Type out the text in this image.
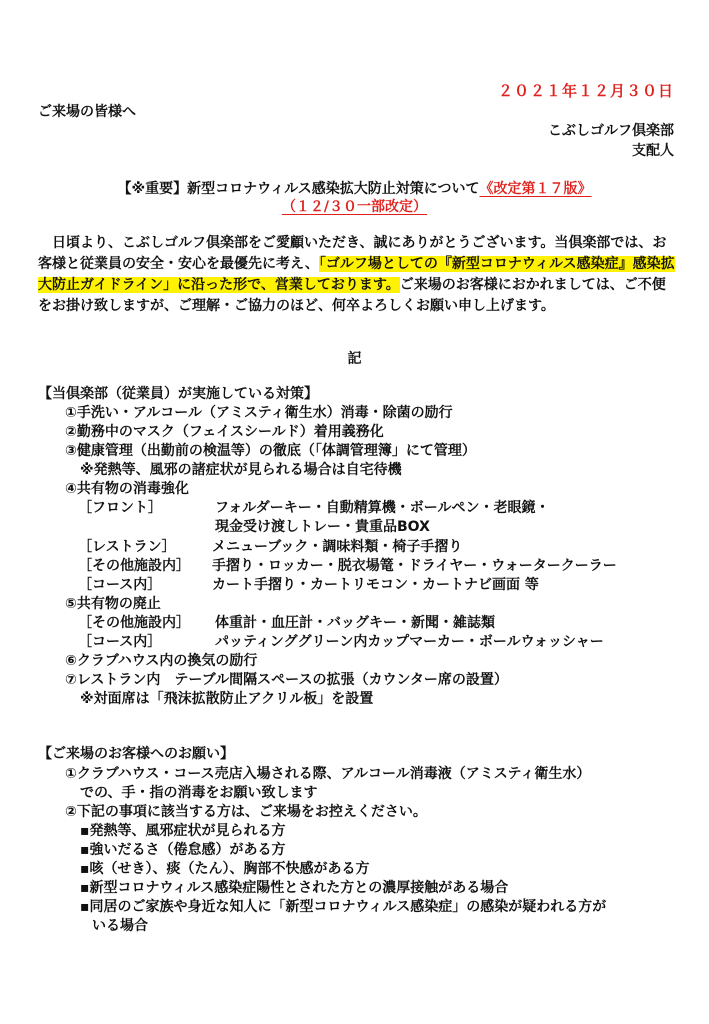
２０２１年１２月３０日
ご来場の皆様へ
こぶしゴルフ倶楽部
支配人
【※重要】新型コロナウィルス感染拡大防止対策について《改定第１７版》
（１２/３０一部改定）
　日頃より、こぶしゴルフ倶楽部をご愛顧いただき、誠にありがとうございます。当倶楽部では、お客様と従業員の安全・安心を最優先に考え、「ゴルフ場としての『新型コロナウィルス感染症』感染拡大防止ガイドライン」に沿った形で、営業しております。ご来場のお客様におかれましては、ご不便をお掛け致しますが、ご理解・ご協力のほど、何卒よろしくお願い申し上げます。
記
【当倶楽部（従業員）が実施している対策】
①手洗い・アルコール（アミスティ衛生水）消毒・除菌の励行
②勤務中のマスク（フェイスシールド）着用義務化
③健康管理（出勤前の検温等）の徹底（「体調管理簿」にて管理）
※発熱等、風邪の諸症状が見られる場合は自宅待機
④共有物の消毒強化
［フロント］	フォルダーキー・自動精算機・ボールペン・老眼鏡・
現金受け渡しトレー・貴重品BOX
［レストラン］	メニューブック・調味料類・椅子手摺り
［その他施設内］ 手摺り・ロッカー・脱衣場篭・ドライヤー・ウォータークーラー
［コース内］	カート手摺り・カートリモコン・カートナビ画面 等
⑤共有物の廃止
［その他施設内］ 体重計・血圧計・バッグキー・新聞・雑誌類
［コース内］	パッティンググリーン内カップマーカー・ボールウォッシャー
⑥クラブハウス内の換気の励行
⑦レストラン内　テーブル間隔スペースの拡張（カウンター席の設置）
※対面席は「飛沫拡散防止アクリル板」を設置
【ご来場のお客様へのお願い】
①クラブハウス・コース売店入場される際、アルコール消毒液（アミスティ衛生水）
での、手・指の消毒をお願い致します
②下記の事項に該当する方は、ご来場をお控えください。
▪発熱等、風邪症状が見られる方
▪強いだるさ（倦怠感）がある方
▪咳（せき）、痰（たん）、胸部不快感がある方
▪新型コロナウィルス感染症陽性とされた方との濃厚接触がある場合
▪同居のご家族や身近な知人に「新型コロナウィルス感染症」の感染が疑われる方が
いる場合
